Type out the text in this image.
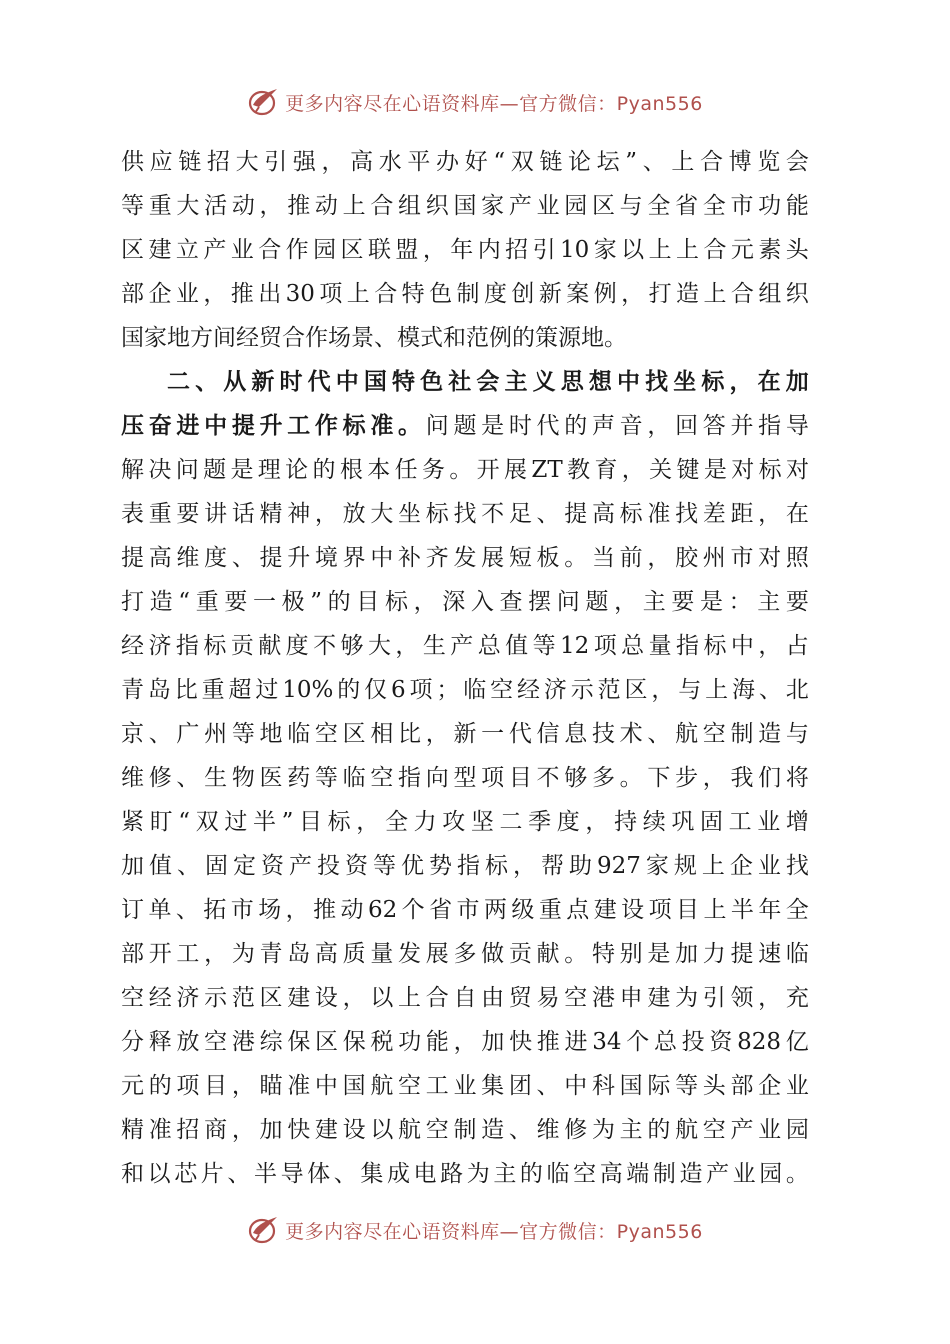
更多内容尽在心语资料库—官方微信：Pyan556
供 应 链 招 大 引 强 ， 高 水 平 办 好 “ 双 链 论 坛 ” 、 上 合 博 览 会
等 重 大 活 动 ， 推 动 上 合 组 织 国 家 产 业 园 区 与 全 省 全 市 功 能
区 建 立 产 业 合 作 园 区 联 盟 ， 年 内 招 引 10 家 以 上 上 合 元 素 头
部 企 业 ， 推 出 30 项 上 合 特 色 制 度 创 新 案 例 ， 打 造 上 合 组 织
国 家 地 方 间 经 贸 合 作 场 景 、 模 式 和 范 例 的 策 源 地 。
二 、 从 新 时 代 中 国 特 色 社 会 主 义 思 想 中 找 坐 标 ， 在 加
压 奋 进 中 提 升 工 作 标 准 。 问 题 是 时 代 的 声 音 ， 回 答 并 指 导
解 决 问 题 是 理 论 的 根 本 任 务 。 开 展 ZT 教 育 ， 关 键 是 对 标 对
表 重 要 讲 话 精 神 ， 放 大 坐 标 找 不 足 、 提 高 标 准 找 差 距 ， 在
提 高 维 度 、 提 升 境 界 中 补 齐 发 展 短 板 。 当 前 ， 胶 州 市 对 照
打 造 “ 重 要 一 极 ” 的 目 标 ， 深 入 查 摆 问 题 ， 主 要 是 ： 主 要
经 济 指 标 贡 献 度 不 够 大 ， 生 产 总 值 等 12 项 总 量 指 标 中 ， 占
青 岛 比 重 超 过 10% 的 仅 6 项 ； 临 空 经 济 示 范 区 ， 与 上 海 、 北
京 、 广 州 等 地 临 空 区 相 比 ， 新 一 代 信 息 技 术 、 航 空 制 造 与
维 修 、 生 物 医 药 等 临 空 指 向 型 项 目 不 够 多 。 下 步 ， 我 们 将
紧 盯 “ 双 过 半 ” 目 标 ， 全 力 攻 坚 二 季 度 ， 持 续 巩 固 工 业 增
加 值 、 固 定 资 产 投 资 等 优 势 指 标 ， 帮 助 927 家 规 上 企 业 找
订 单 、 拓 市 场 ， 推 动 62 个 省 市 两 级 重 点 建 设 项 目 上 半 年 全
部 开 工 ， 为 青 岛 高 质 量 发 展 多 做 贡 献 。 特 别 是 加 力 提 速 临
空 经 济 示 范 区 建 设 ， 以 上 合 自 由 贸 易 空 港 申 建 为 引 领 ， 充
分 释 放 空 港 综 保 区 保 税 功 能 ， 加 快 推 进 34 个 总 投 资 828 亿
元 的 项 目 ， 瞄 准 中 国 航 空 工 业 集 团 、 中 科 国 际 等 头 部 企 业
精 准 招 商 ， 加 快 建 设 以 航 空 制 造 、 维 修 为 主 的 航 空 产 业 园
和 以 芯 片 、 半 导 体 、 集 成 电 路 为 主 的 临 空 高 端 制 造 产 业 园 。
更多内容尽在心语资料库—官方微信：Pyan556
